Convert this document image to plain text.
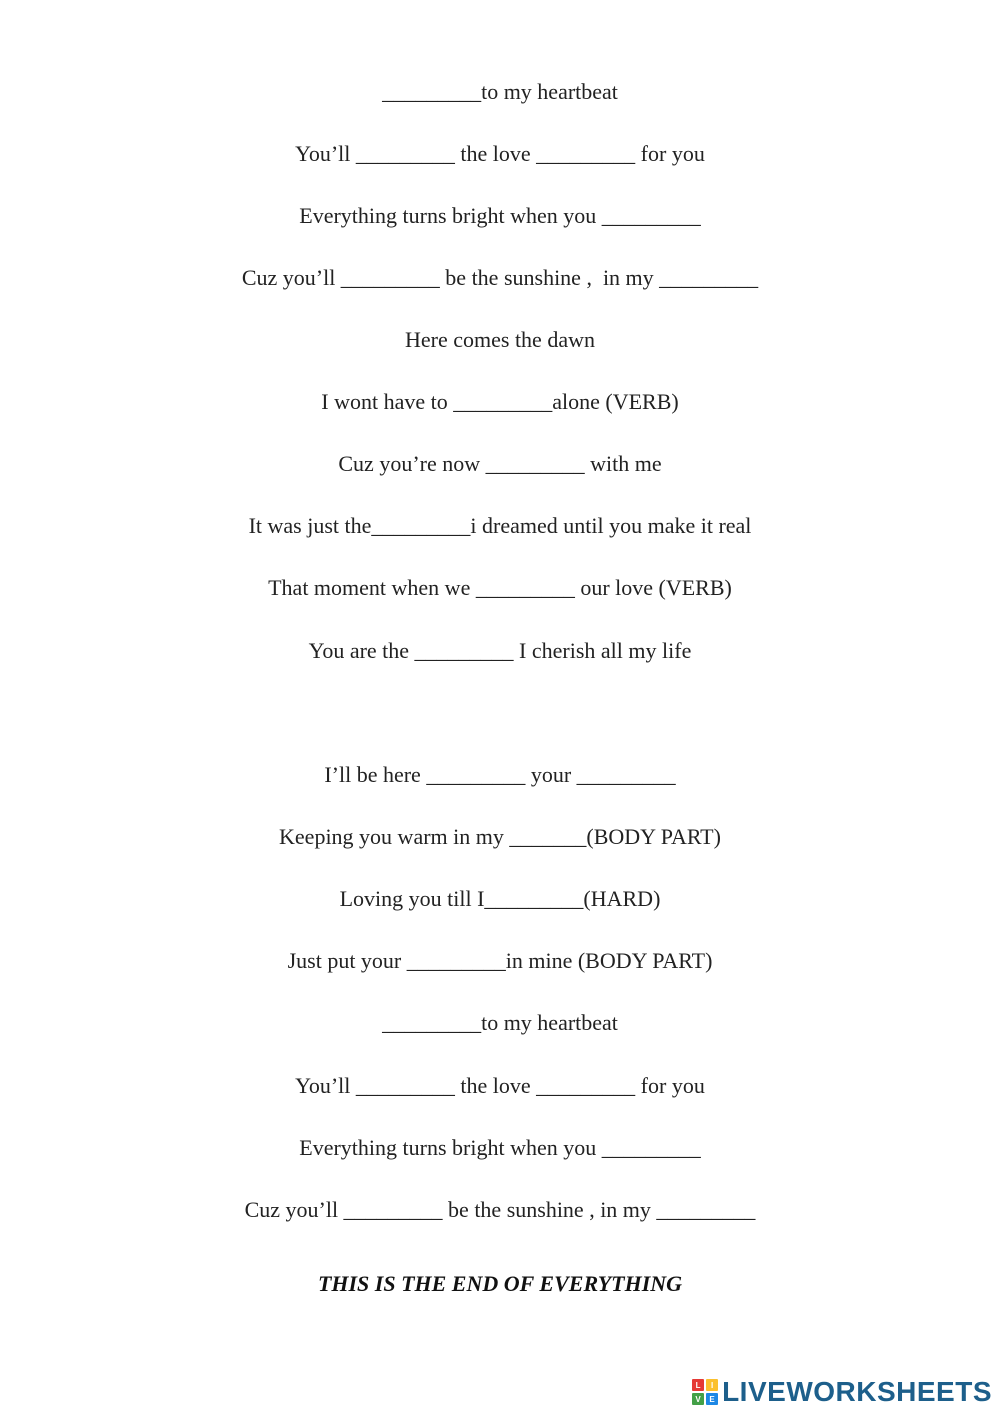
_________to my heartbeat
You’ll _________ the love _________ for you
Everything turns bright when you _________
Cuz you’ll _________ be the sunshine ,  in my _________
Here comes the dawn
I wont have to _________alone (VERB)
Cuz you’re now _________ with me
It was just the_________i dreamed until you make it real
That moment when we _________ our love (VERB)
You are the _________ I cherish all my life
I’ll be here _________ your _________
Keeping you warm in my _______(BODY PART)
Loving you till I_________(HARD)
Just put your _________in mine (BODY PART)
_________to my heartbeat
You’ll _________ the love _________ for you
Everything turns bright when you _________
Cuz you’ll _________ be the sunshine , in my _________
THIS IS THE END OF EVERYTHING
L	I
V	E LIVEWORKSHEETS
